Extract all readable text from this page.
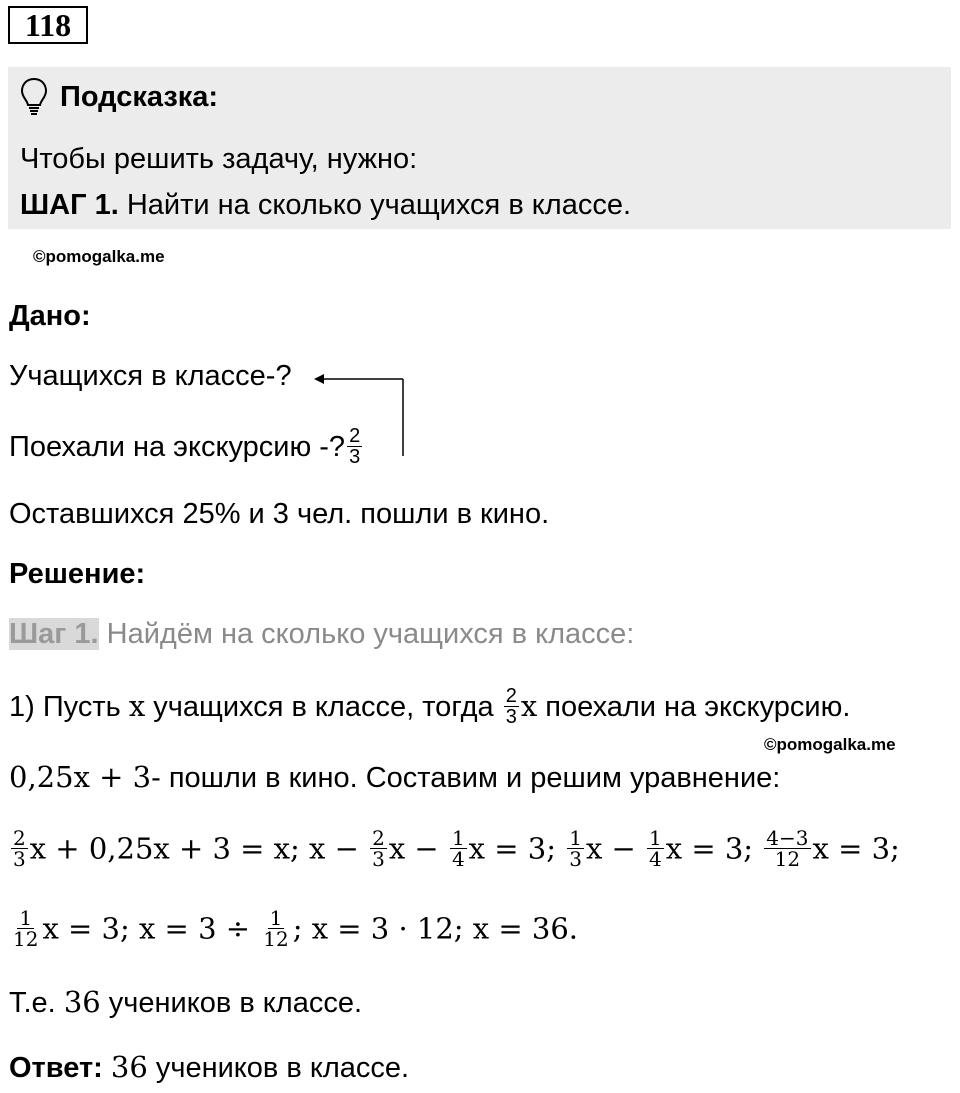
118
Подсказка:
Чтобы решить задачу, нужно:
ШАГ 1. Найти на сколько учащихся в классе.
©pomogalka.me
Дано:
Учащихся в классе-?
Поехали на экскурсию -? $\frac{2}{3}$
Оставшихся 25% и 3 чел. пошли в кино.
Решение:
Шаг 1. Найдём на сколько учащихся в классе:
1) Пусть x учащихся в классе, тогда $\frac{2}{3}$ x поехали на экскурсию.
©pomogalka.me
0,25x + 3- пошли в кино. Составим и решим уравнение:
$\frac{2}{3}$ x + 0,25x + 3 = x; $x - \frac{2}{3}$ $x - \frac{1}{4}$ x = 3; $\frac{1}{3}$ $x - \frac{1}{4}$ x = 3; $\frac{4-3}{12}$ x = 3;
$\frac{1}{12}$ x = 3; $x = 3 \div \frac{1}{12}$ ; x = 3 · 12; x = 36.
Т.е. 36 учеников в классе.
Ответ: 36 учеников в классе.
